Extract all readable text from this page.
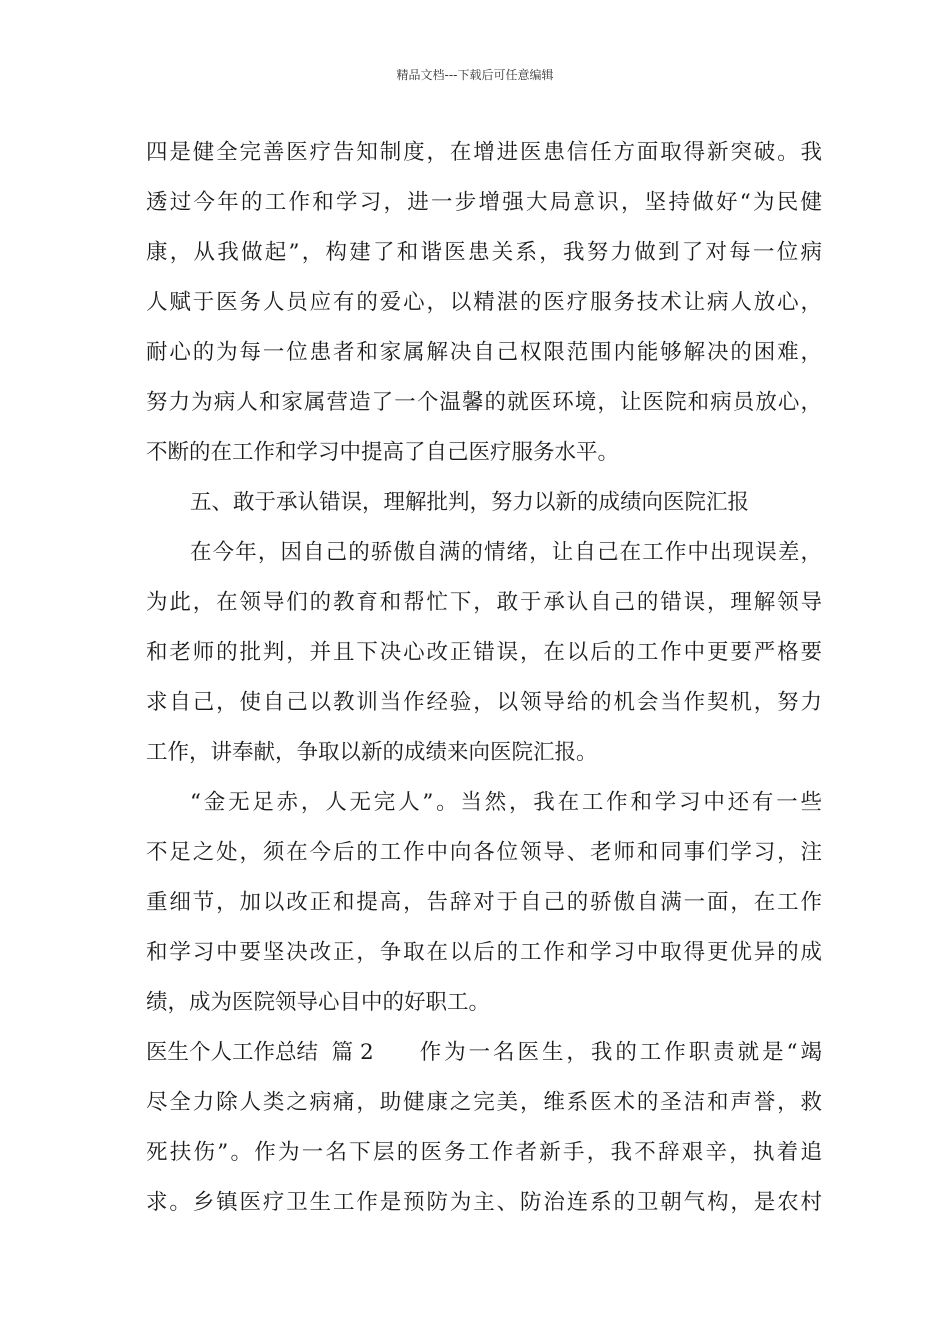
精品文档---下载后可任意编辑
四是健全完善医疗告知制度，在增进医患信任方面取得新突破。我
透过今年的工作和学习，进一步增强大局意识，坚持做好“为民健
康，从我做起”，构建了和谐医患关系，我努力做到了对每一位病
人赋于医务人员应有的爱心，以精湛的医疗服务技术让病人放心，
耐心的为每一位患者和家属解决自己权限范围内能够解决的困难，
努力为病人和家属营造了一个温馨的就医环境，让医院和病员放心，
不断的在工作和学习中提高了自己医疗服务水平。
五、敢于承认错误，理解批判，努力以新的成绩向医院汇报
在今年，因自己的骄傲自满的情绪，让自己在工作中出现误差，
为此，在领导们的教育和帮忙下，敢于承认自己的错误，理解领导
和老师的批判，并且下决心改正错误，在以后的工作中更要严格要
求自己，使自己以教训当作经验，以领导给的机会当作契机，努力
工作，讲奉献，争取以新的成绩来向医院汇报。
“金无足赤，人无完人”。当然，我在工作和学习中还有一些
不足之处，须在今后的工作中向各位领导、老师和同事们学习，注
重细节，加以改正和提高，告辞对于自己的骄傲自满一面，在工作
和学习中要坚决改正，争取在以后的工作和学习中取得更优异的成
绩，成为医院领导心目中的好职工。
医生个人工作总结  篇 2 作为一名医生，我的工作职责就是“竭
尽全力除人类之病痛，助健康之完美，维系医术的圣洁和声誉，救
死扶伤”。作为一名下层的医务工作者新手，我不辞艰辛，执着追
求。乡镇医疗卫生工作是预防为主、防治连系的卫朝气构，是农村
